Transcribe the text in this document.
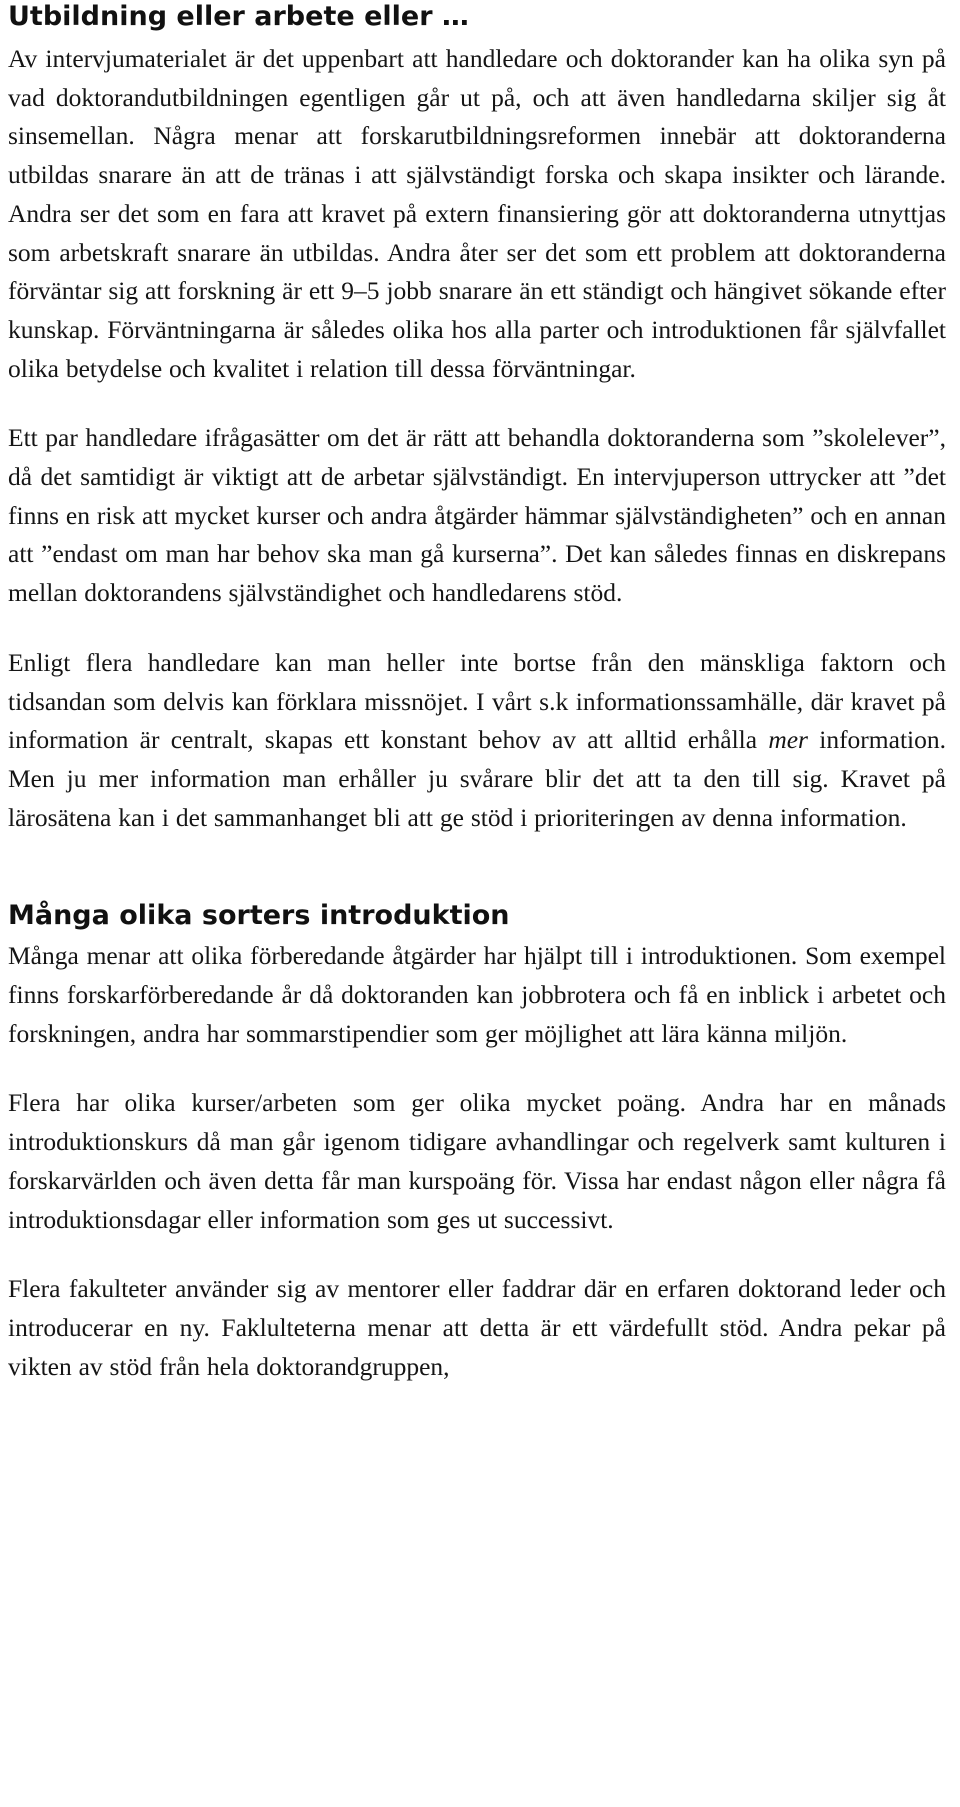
Utbildning eller arbete eller …

Av intervjumaterialet är det uppenbart att handledare och doktorander kan ha olika syn på vad doktorandutbildningen egentligen går ut på, och att även handledarna skiljer sig åt sinsemellan. Några menar att forskarutbildningsreformen innebär att doktoranderna utbildas snarare än att de tränas i att självständigt forska och skapa insikter och lärande. Andra ser det som en fara att kravet på extern finansiering gör att doktoranderna utnyttjas som arbetskraft snarare än utbildas. Andra åter ser det som ett problem att doktoranderna förväntar sig att forskning är ett 9–5 jobb snarare än ett ständigt och hängivet sökande efter kunskap. Förväntningarna är således olika hos alla parter och introduktionen får självfallet olika betydelse och kvalitet i relation till dessa förväntningar.

Ett par handledare ifrågasätter om det är rätt att behandla doktoranderna som ”skolelever”, då det samtidigt är viktigt att de arbetar självständigt. En intervjuperson uttrycker att ”det finns en risk att mycket kurser och andra åtgärder hämmar självständigheten” och en annan att ”endast om man har behov ska man gå kurserna”. Det kan således finnas en diskrepans mellan doktorandens självständighet och handledarens stöd.

Enligt flera handledare kan man heller inte bortse från den mänskliga faktorn och tidsandan som delvis kan förklara missnöjet. I vårt s.k informationssamhälle, där kravet på information är centralt, skapas ett konstant behov av att alltid erhålla mer information. Men ju mer information man erhåller ju svårare blir det att ta den till sig. Kravet på lärosätena kan i det sammanhanget bli att ge stöd i prioriteringen av denna information.

Många olika sorters introduktion

Många menar att olika förberedande åtgärder har hjälpt till i introduktionen. Som exempel finns forskarförberedande år då doktoranden kan jobbrotera och få en inblick i arbetet och forskningen, andra har sommarstipendier som ger möjlighet att lära känna miljön.

Flera har olika kurser/arbeten som ger olika mycket poäng. Andra har en månads introduktionskurs då man går igenom tidigare avhandlingar och regelverk samt kulturen i forskarvärlden och även detta får man kurspoäng för. Vissa har endast någon eller några få introduktionsdagar eller information som ges ut successivt.

Flera fakulteter använder sig av mentorer eller faddrar där en erfaren doktorand leder och introducerar en ny. Faklulteterna menar att detta är ett värdefullt stöd. Andra pekar på vikten av stöd från hela doktorandgruppen,
